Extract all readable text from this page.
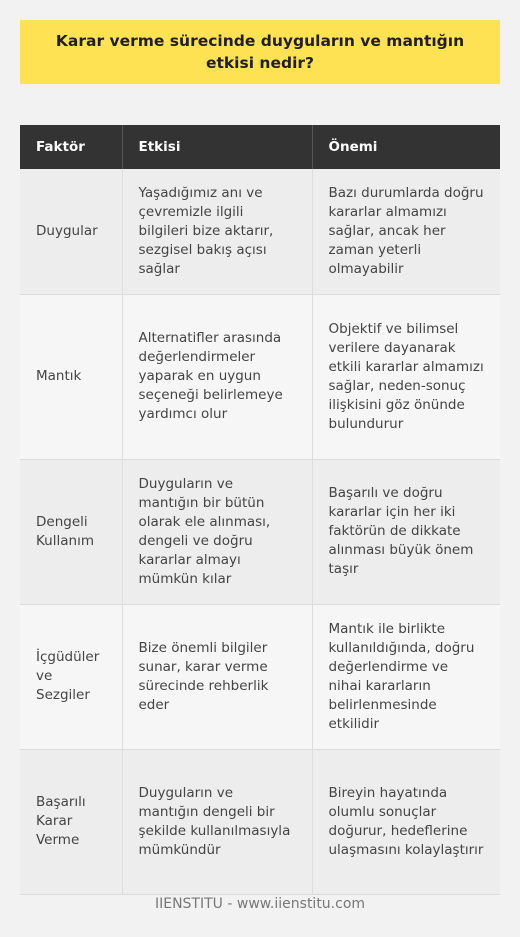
Karar verme sürecinde duyguların ve mantığın etkisi nedir?
Faktör	Etkisi	Önemi
Duygular	Yaşadığımız anı ve çevremizle ilgili bilgileri bize aktarır, sezgisel bakış açısı sağlar	Bazı durumlarda doğru kararlar almamızı sağlar, ancak her zaman yeterli olmayabilir
Mantık	Alternatifler arasında değerlendirmeler yaparak en uygun seçeneği belirlemeye yardımcı olur	Objektif ve bilimsel verilere dayanarak etkili kararlar almamızı sağlar, neden-sonuç ilişkisini göz önünde bulundurur
Dengeli Kullanım	Duyguların ve mantığın bir bütün olarak ele alınması, dengeli ve doğru kararlar almayı mümkün kılar	Başarılı ve doğru kararlar için her iki faktörün de dikkate alınması büyük önem taşır
İçgüdüler ve Sezgiler	Bize önemli bilgiler sunar, karar verme sürecinde rehberlik eder	Mantık ile birlikte kullanıldığında, doğru değerlendirme ve nihai kararların belirlenmesinde etkilidir
Başarılı Karar Verme	Duyguların ve mantığın dengeli bir şekilde kullanılmasıyla mümkündür	Bireyin hayatında olumlu sonuçlar doğurur, hedeflerine ulaşmasını kolaylaştırır
IIENSTITU - www.iienstitu.com
